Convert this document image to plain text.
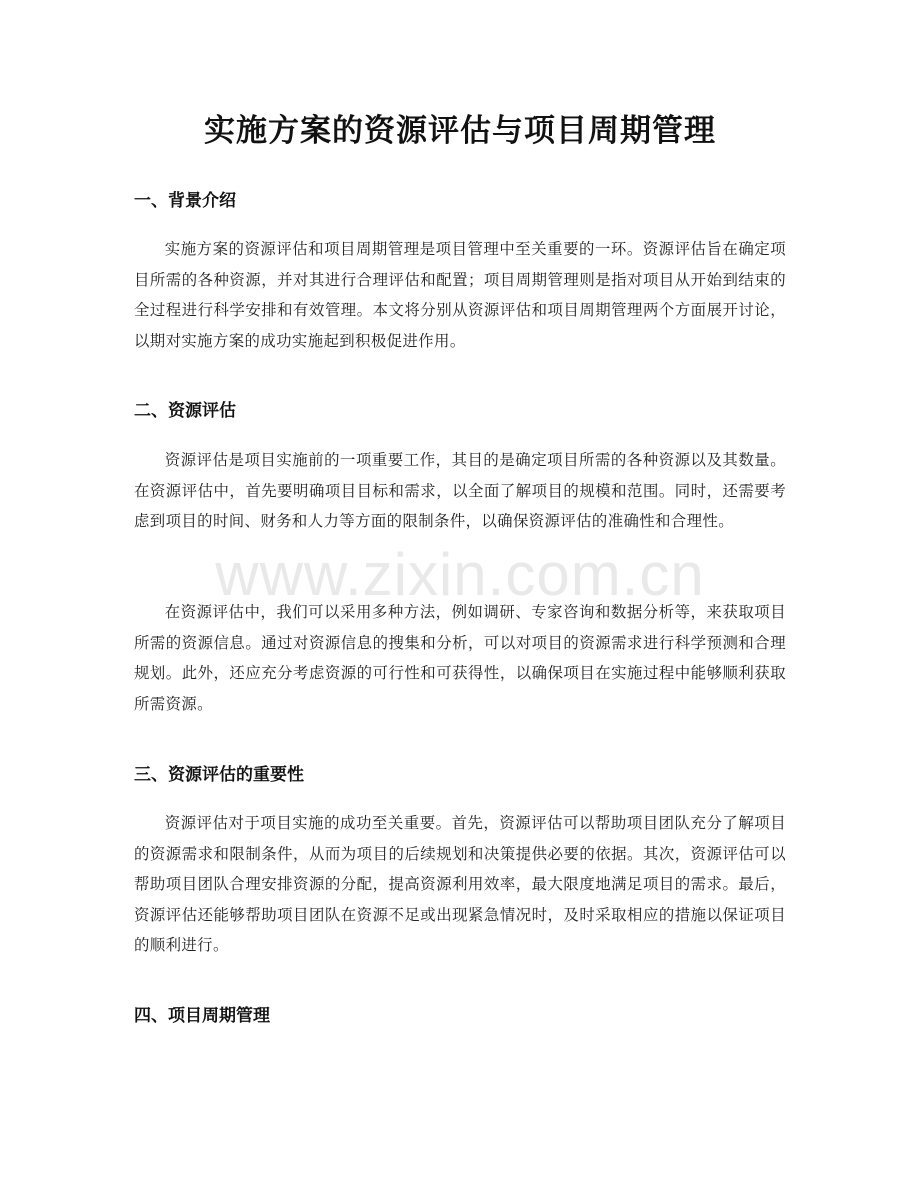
实施方案的资源评估与项目周期管理
一、背景介绍

实施方案的资源评估和项目周期管理是项目管理中至关重要的一环。资源评估旨在确定项目所需的各种资源，并对其进行合理评估和配置；项目周期管理则是指对项目从开始到结束的全过程进行科学安排和有效管理。本文将分别从资源评估和项目周期管理两个方面展开讨论，以期对实施方案的成功实施起到积极促进作用。

二、资源评估

资源评估是项目实施前的一项重要工作，其目的是确定项目所需的各种资源以及其数量。在资源评估中，首先要明确项目目标和需求，以全面了解项目的规模和范围。同时，还需要考虑到项目的时间、财务和人力等方面的限制条件，以确保资源评估的准确性和合理性。

在资源评估中，我们可以采用多种方法，例如调研、专家咨询和数据分析等，来获取项目所需的资源信息。通过对资源信息的搜集和分析，可以对项目的资源需求进行科学预测和合理规划。此外，还应充分考虑资源的可行性和可获得性，以确保项目在实施过程中能够顺利获取所需资源。

三、资源评估的重要性

资源评估对于项目实施的成功至关重要。首先，资源评估可以帮助项目团队充分了解项目的资源需求和限制条件，从而为项目的后续规划和决策提供必要的依据。其次，资源评估可以帮助项目团队合理安排资源的分配，提高资源利用效率，最大限度地满足项目的需求。最后，资源评估还能够帮助项目团队在资源不足或出现紧急情况时，及时采取相应的措施以保证项目的顺利进行。

四、项目周期管理
www.zixin.com.cn
